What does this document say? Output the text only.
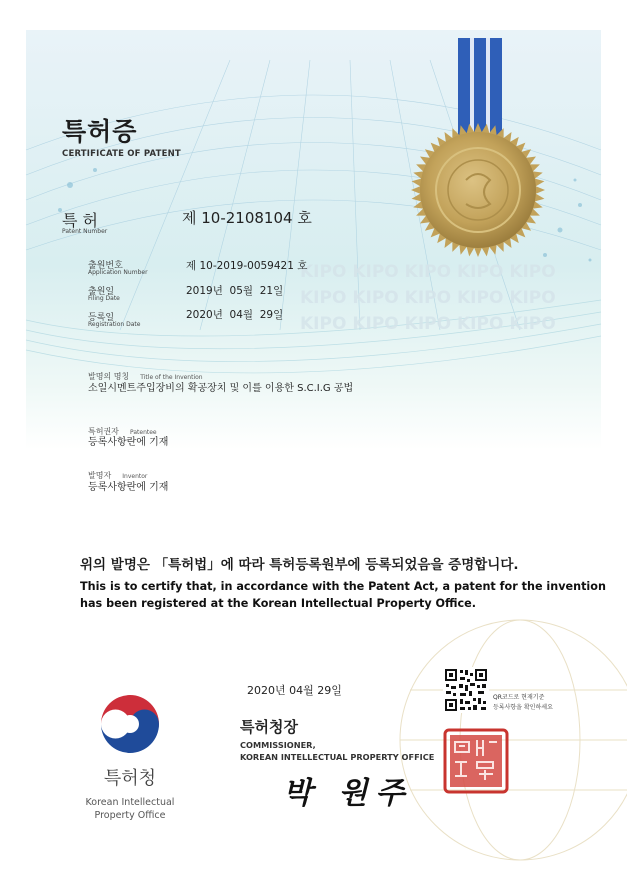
KIPO KIPO KIPO KIPO KIPO
KIPO KIPO KIPO KIPO KIPO
KIPO KIPO KIPO KIPO KIPO
특허증
CERTIFICATE OF PATENT
특 허
Patent Number
제 10-2108104 호
출원번호
Application Number
제 10-2019-0059421 호
출원일
Filing Date
2019년  05월  21일
등록일
Registration Date
2020년  04월  29일
발명의 명칭 Title of the Invention
소일시멘트주입장비의 확공장치 및 이를 이용한 S.C.I.G 공법
특허권자 Patentee
등록사항란에 기재
발명자 Inventor
등록사항란에 기재
위의 발명은 「특허법」에 따라 특허등록원부에 등록되었음을 증명합니다.
This is to certify that, in accordance with the Patent Act, a patent for the invention
has been registered at the Korean Intellectual Property Office.
2020년 04월 29일
특허청장
COMMISSIONER,
KOREAN INTELLECTUAL PROPERTY OFFICE
박 원주
QR코드로 현재기준
등록사항을 확인하세요
특허청
Korean Intellectual
Property Office
